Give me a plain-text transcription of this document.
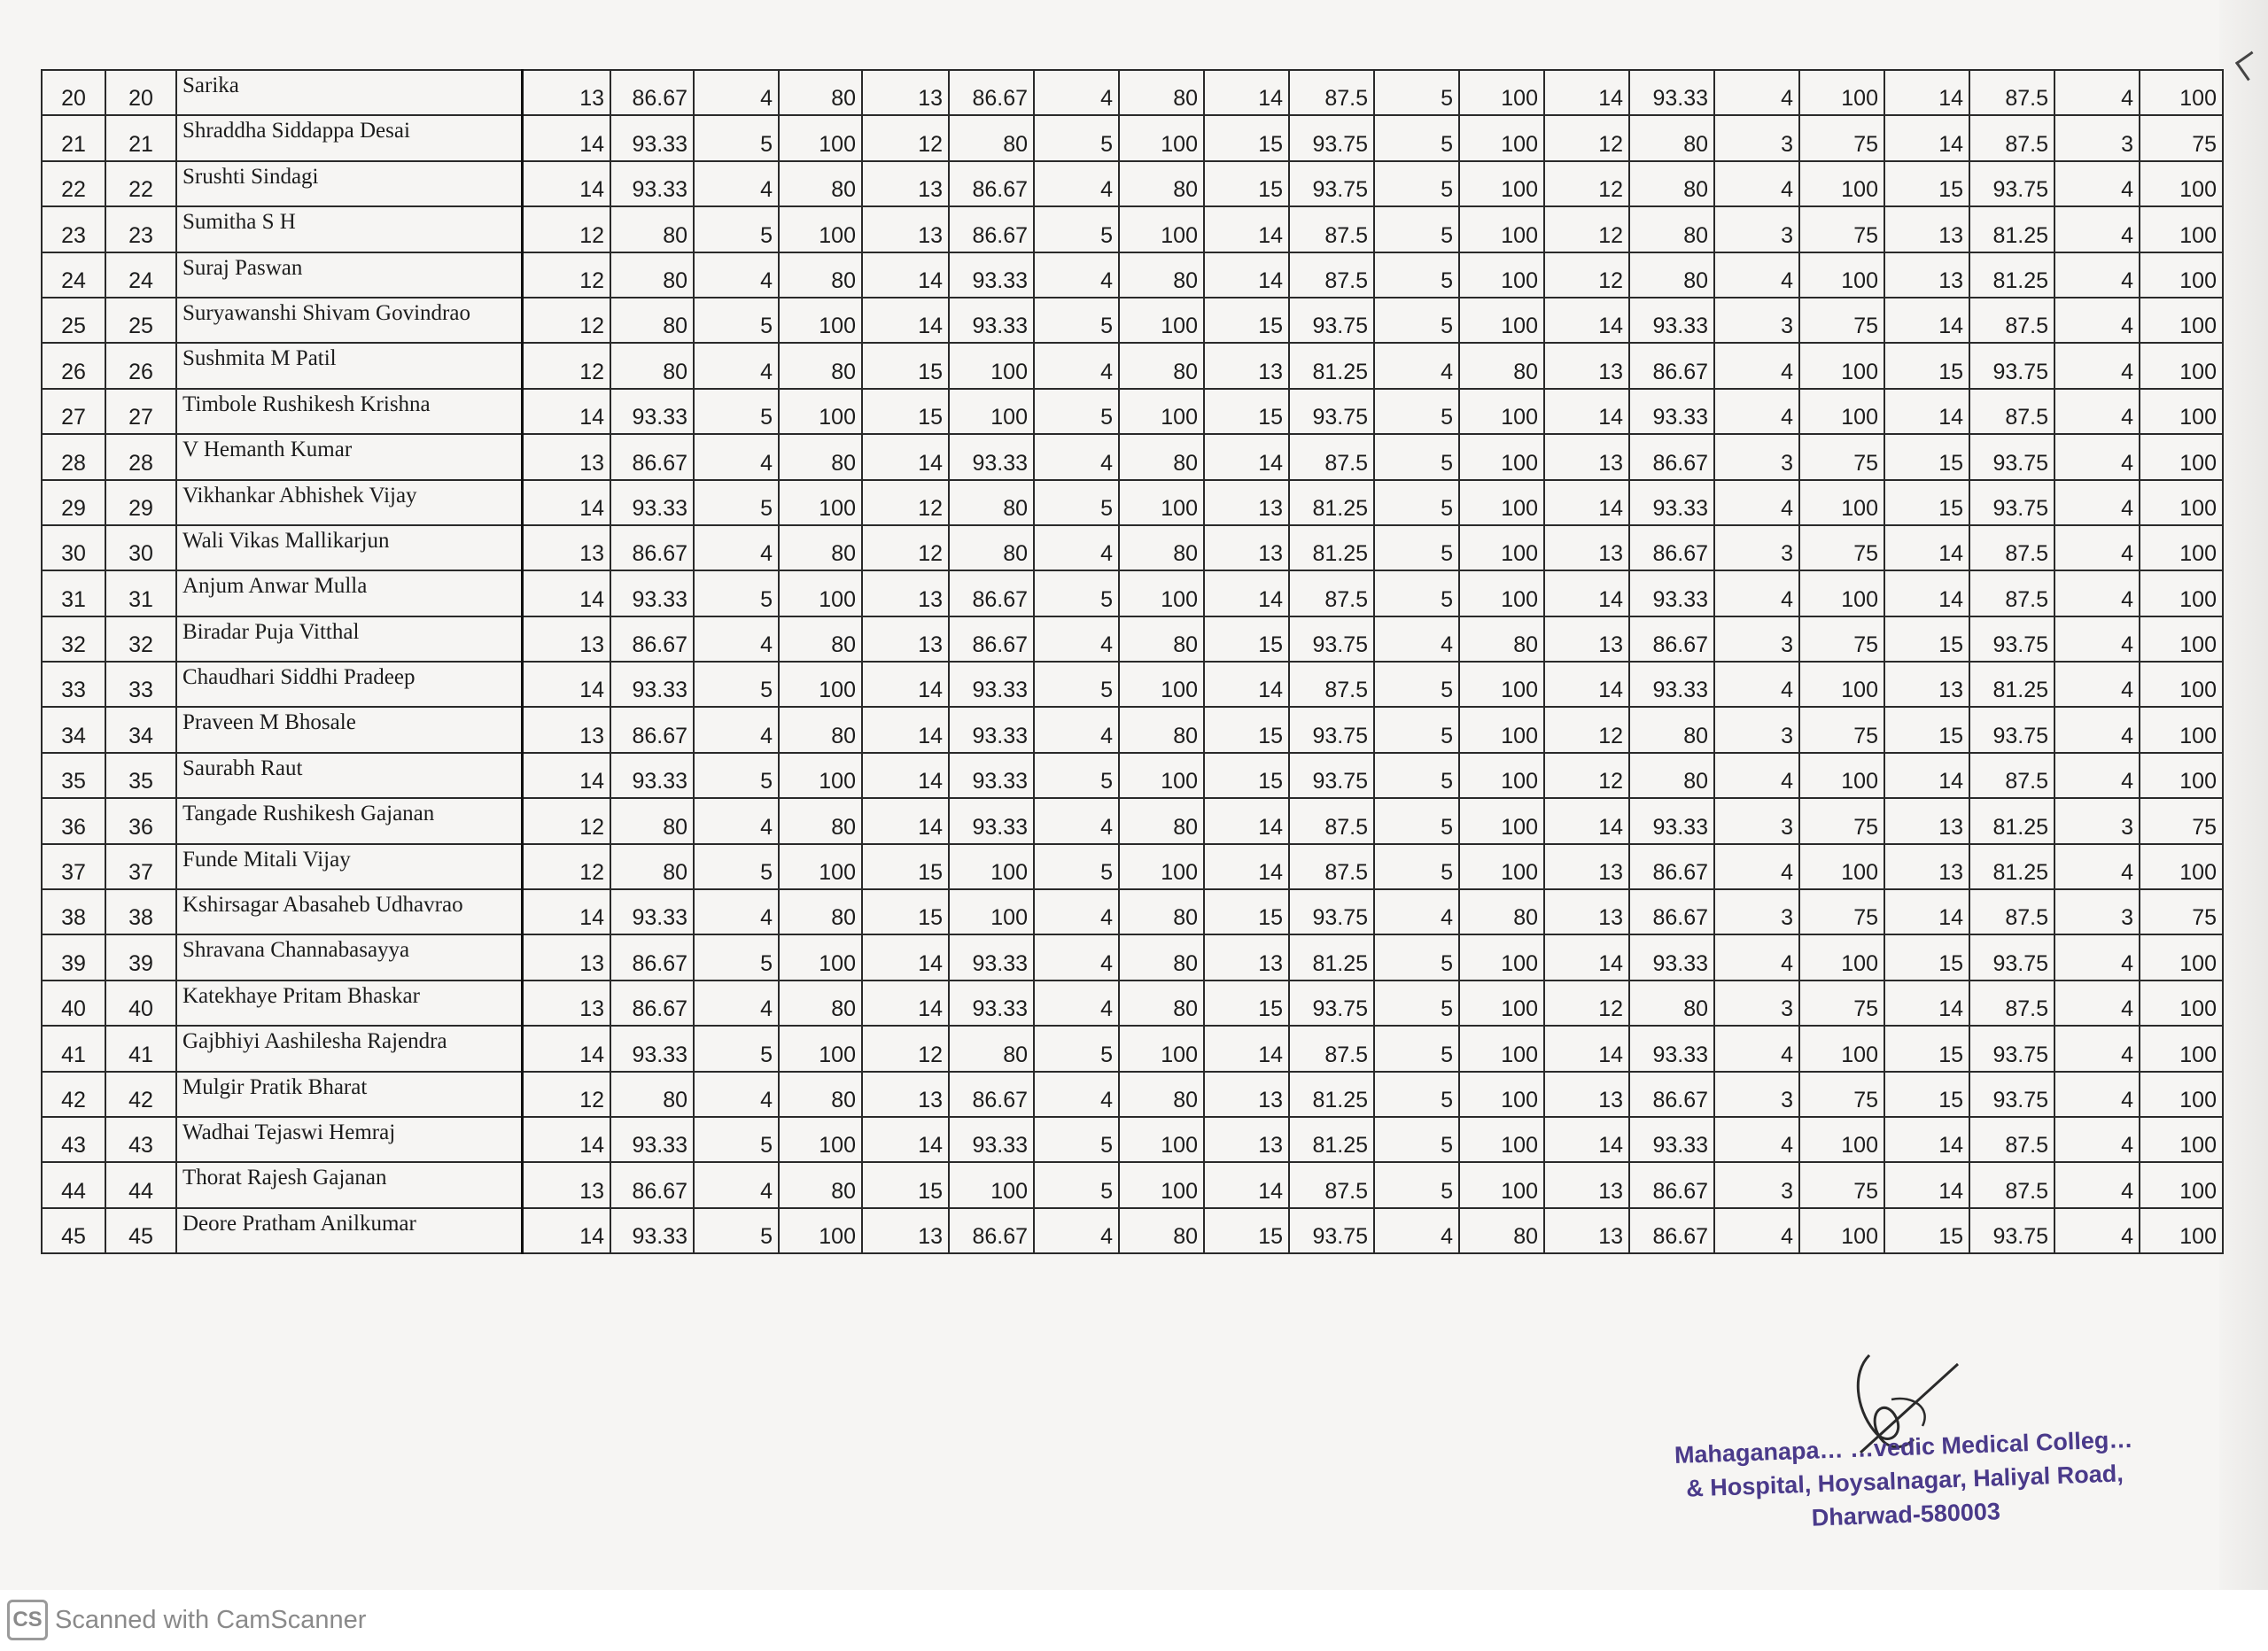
20	20	Sarika	13	86.67	4	80	13	86.67	4	80	14	87.5	5	100	14	93.33	4	100	14	87.5	4	100
21	21	Shraddha Siddappa Desai	14	93.33	5	100	12	80	5	100	15	93.75	5	100	12	80	3	75	14	87.5	3	75
22	22	Srushti Sindagi	14	93.33	4	80	13	86.67	4	80	15	93.75	5	100	12	80	4	100	15	93.75	4	100
23	23	Sumitha S H	12	80	5	100	13	86.67	5	100	14	87.5	5	100	12	80	3	75	13	81.25	4	100
24	24	Suraj Paswan	12	80	4	80	14	93.33	4	80	14	87.5	5	100	12	80	4	100	13	81.25	4	100
25	25	Suryawanshi Shivam Govindrao	12	80	5	100	14	93.33	5	100	15	93.75	5	100	14	93.33	3	75	14	87.5	4	100
26	26	Sushmita M Patil	12	80	4	80	15	100	4	80	13	81.25	4	80	13	86.67	4	100	15	93.75	4	100
27	27	Timbole Rushikesh Krishna	14	93.33	5	100	15	100	5	100	15	93.75	5	100	14	93.33	4	100	14	87.5	4	100
28	28	V Hemanth Kumar	13	86.67	4	80	14	93.33	4	80	14	87.5	5	100	13	86.67	3	75	15	93.75	4	100
29	29	Vikhankar Abhishek Vijay	14	93.33	5	100	12	80	5	100	13	81.25	5	100	14	93.33	4	100	15	93.75	4	100
30	30	Wali Vikas Mallikarjun	13	86.67	4	80	12	80	4	80	13	81.25	5	100	13	86.67	3	75	14	87.5	4	100
31	31	Anjum Anwar Mulla	14	93.33	5	100	13	86.67	5	100	14	87.5	5	100	14	93.33	4	100	14	87.5	4	100
32	32	Biradar Puja Vitthal	13	86.67	4	80	13	86.67	4	80	15	93.75	4	80	13	86.67	3	75	15	93.75	4	100
33	33	Chaudhari Siddhi Pradeep	14	93.33	5	100	14	93.33	5	100	14	87.5	5	100	14	93.33	4	100	13	81.25	4	100
34	34	Praveen M Bhosale	13	86.67	4	80	14	93.33	4	80	15	93.75	5	100	12	80	3	75	15	93.75	4	100
35	35	Saurabh Raut	14	93.33	5	100	14	93.33	5	100	15	93.75	5	100	12	80	4	100	14	87.5	4	100
36	36	Tangade Rushikesh Gajanan	12	80	4	80	14	93.33	4	80	14	87.5	5	100	14	93.33	3	75	13	81.25	3	75
37	37	Funde Mitali Vijay	12	80	5	100	15	100	5	100	14	87.5	5	100	13	86.67	4	100	13	81.25	4	100
38	38	Kshirsagar Abasaheb Udhavrao	14	93.33	4	80	15	100	4	80	15	93.75	4	80	13	86.67	3	75	14	87.5	3	75
39	39	Shravana Channabasayya	13	86.67	5	100	14	93.33	4	80	13	81.25	5	100	14	93.33	4	100	15	93.75	4	100
40	40	Katekhaye Pritam Bhaskar	13	86.67	4	80	14	93.33	4	80	15	93.75	5	100	12	80	3	75	14	87.5	4	100
41	41	Gajbhiyi Aashilesha Rajendra	14	93.33	5	100	12	80	5	100	14	87.5	5	100	14	93.33	4	100	15	93.75	4	100
42	42	Mulgir Pratik Bharat	12	80	4	80	13	86.67	4	80	13	81.25	5	100	13	86.67	3	75	15	93.75	4	100
43	43	Wadhai Tejaswi Hemraj	14	93.33	5	100	14	93.33	5	100	13	81.25	5	100	14	93.33	4	100	14	87.5	4	100
44	44	Thorat Rajesh Gajanan	13	86.67	4	80	15	100	5	100	14	87.5	5	100	13	86.67	3	75	14	87.5	4	100
45	45	Deore Pratham Anilkumar	14	93.33	5	100	13	86.67	4	80	15	93.75	4	80	13	86.67	4	100	15	93.75	4	100
Mahaganapa… …vedic Medical Colleg…
& Hospital, Hoysalnagar, Haliyal Road,
Dharwad-580003
CS Scanned with CamScanner
